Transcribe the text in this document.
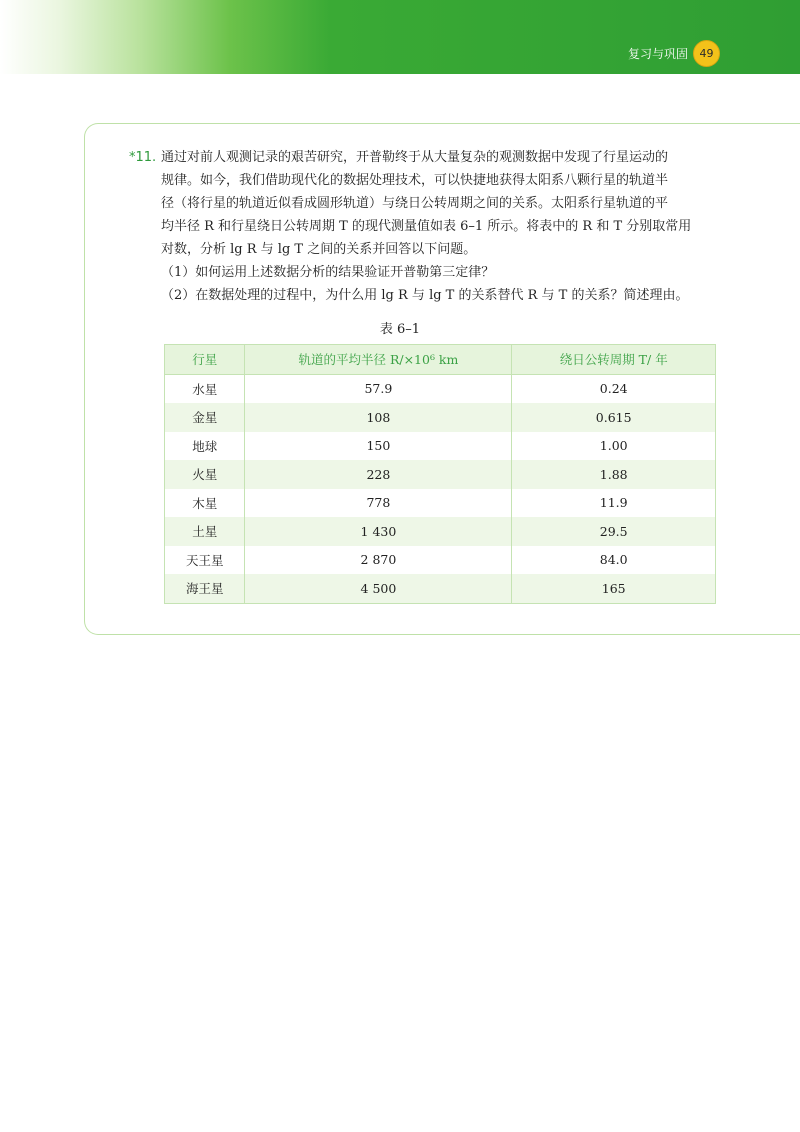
复习与巩固	49
*11. 通过对前人观测记录的艰苦研究，开普勒终于从大量复杂的观测数据中发现了行星运动的

规律。如今，我们借助现代化的数据处理技术，可以快捷地获得太阳系八颗行星的轨道半

径（将行星的轨道近似看成圆形轨道）与绕日公转周期之间的关系。太阳系行星轨道的平

均半径 R 和行星绕日公转周期 T 的现代测量值如表 6–1 所示。将表中的 R 和 T 分别取常用

对数，分析 lg R 与 lg T 之间的关系并回答以下问题。

（1）如何运用上述数据分析的结果验证开普勒第三定律？

（2）在数据处理的过程中，为什么用 lg R 与 lg T 的关系替代 R 与 T 的关系？简述理由。

表 6–1
行星	轨道的平均半径 R/×10⁶ km	绕日公转周期 T/ 年
水星	57.9	0.24
金星	108	0.615
地球	150	1.00
火星	228	1.88
木星	778	11.9
土星	1 430	29.5
天王星	2 870	84.0
海王星	4 500	165
